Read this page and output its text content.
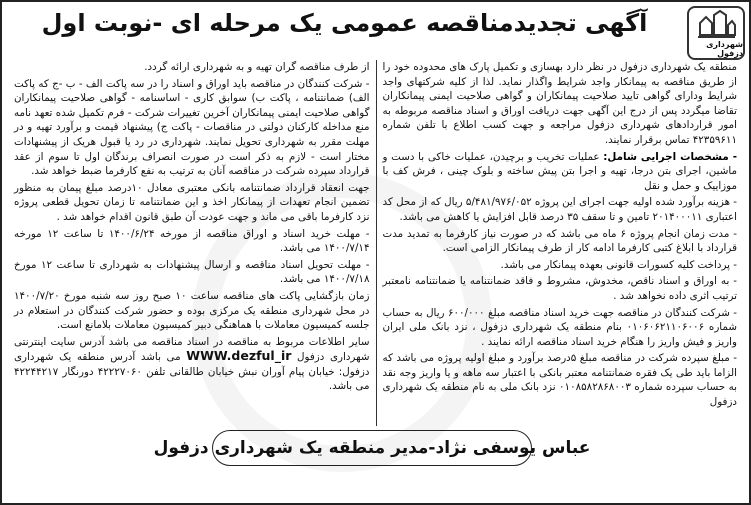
شهرداری دزفول
آگهی تجدیدمناقصه عمومی یک مرحله ای -نوبت اول

منطقه یک شهرداری دزفول در نظر دارد بهسازی و تکمیل پارک های محدوده خود را از طریق مناقصه به پیمانکار واجد شرایط واگذار نماید. لذا از کلیه شرکتهای واجد شرایط ودارای گواهی تایید صلاحیت پیمانکاران و گواهی صلاحیت ایمنی پیمانکاران تقاضا میگردد پس از درج این آگهی جهت دریافت اوراق و اسناد مناقصه مربوطه به امور قراردادهای شهرداری دزفول مراجعه و جهت کسب اطلاع با تلفن شماره ۴۲۳۵۹۶۱۱ تماس برقرار نمایند.

- مشخصات اجرایی شامل: عملیات تخریب و برچیدن، عملیات خاکی با دست و ماشین، اجرای بتن درجا، تهیه و اجرا بتن پیش ساخته و بلوک چینی ، فرش کف با موزاییک و حمل و نقل

- هزینه برآورد شده اولیه جهت اجرای این پروژه ۵/۴۸۱/۹۷۶/۰۵۲ ریال که از محل کد اعتباری ۲۰۱۴۰۰۰۱۱ تامین و تا سقف ۳۵ درصد قابل افزایش یا کاهش می باشد.

- مدت زمان انجام پروژه ۶ ماه می باشد که در صورت نیاز کارفرما به تمدید مدت قرارداد با ابلاغ کتبی کارفرما ادامه کار از طرف پیمانکار الزامی است.

- پرداخت کلیه کسورات قانونی بعهده پیمانکار می باشد.

- به اوراق و اسناد ناقص، مخدوش، مشروط و فاقد ضمانتنامه یا ضمانتنامه نامعتبر ترتیب اثری داده نخواهد شد .

- شرکت کنندگان در مناقصه جهت خرید اسناد مناقصه مبلغ ۶۰۰/۰۰۰ ریال به حساب شماره ۰۱۰۶۰۶۲۱۱۰۶۰۰۶ بنام منطقه یک شهرداری دزفول ، نزد بانک ملی ایران واریز و فیش واریز را هنگام خرید اسناد مناقصه ارائه نمایند .

- مبلغ سپرده شرکت در مناقصه مبلغ ۵درصد برآورد و مبلغ اولیه پروژه می باشد که الزاما باید طی یک فقره ضمانتنامه معتبر بانکی با اعتبار سه ماهه و یا واریز وجه نقد به حساب سپرده شماره ۰۱۰۸۵۸۲۸۶۸۰۰۳ نزد بانک ملی به نام منطقه یک شهرداری دزفول

از طرف مناقصه گران تهیه و به شهرداری ارائه گردد.

- شرکت کنندگان در مناقصه باید اوراق و اسناد را در سه پاکت الف - ب -ج که پاکت الف) ضمانتنامه ، پاکت ب) سوابق کاری - اساسنامه - گواهی صلاحیت پیمانکاران گواهی صلاحیت ایمنی پیمانکاران آخرین تغییرات شرکت - فرم تکمیل شده تعهد نامه منع مداخله کارکنان دولتی در مناقصات - پاکت ج) پیشنهاد قیمت و برآورد تهیه و در مهلت مقرر به شهرداری تحویل نمایند. شهرداری در رد یا قبول هریک از پیشنهادات مختار است - لازم به ذکر است در صورت انصراف برندگان اول تا سوم از عقد قرارداد سپرده شرکت در مناقصه آنان به ترتیب به نفع کارفرما ضبط خواهد شد.

جهت انعقاد قرارداد ضمانتنامه بانکی معتبری معادل ۱۰درصد مبلغ پیمان به منظور تضمین انجام تعهدات از پیمانکار اخذ و این ضمانتنامه تا زمان تحویل قطعی پروژه نزد کارفرما باقی می ماند و جهت عودت آن طبق قانون اقدام خواهد شد .

- مهلت خرید اسناد و اوراق مناقصه از مورخه ۱۴۰۰/۶/۲۴ تا ساعت ۱۲ مورخه ۱۴۰۰/۷/۱۴ می باشد.

- مهلت تحویل اسناد مناقصه و ارسال پیشنهادات به شهرداری تا ساعت ۱۲ مورخ ۱۴۰۰/۷/۱۸ می باشد.

زمان بازگشایی پاکت های مناقصه ساعت ۱۰ صبح روز سه شنبه مورخ ۱۴۰۰/۷/۲۰ در محل شهرداری منطقه یک مرکزی بوده و حضور شرکت کنندگان در استعلام در جلسه کمیسیون معاملات با هماهنگی دبیر کمیسیون معاملات بلامانع است.

سایر اطلاعات مربوط به مناقصه در اسناد مناقصه می باشد آدرس سایت اینترنتی شهرداری دزفول WWW.dezful_ir می باشد آدرس منطقه یک شهرداری دزفول: خیابان پیام آوران نبش خیابان طالقانی تلفن ۴۲۲۲۷۰۶۰ دورنگار ۴۲۲۴۴۲۱۷ می باشد.

عباس یوسفی نژاد-مدیر منطقه یک شهرداری دزفول
